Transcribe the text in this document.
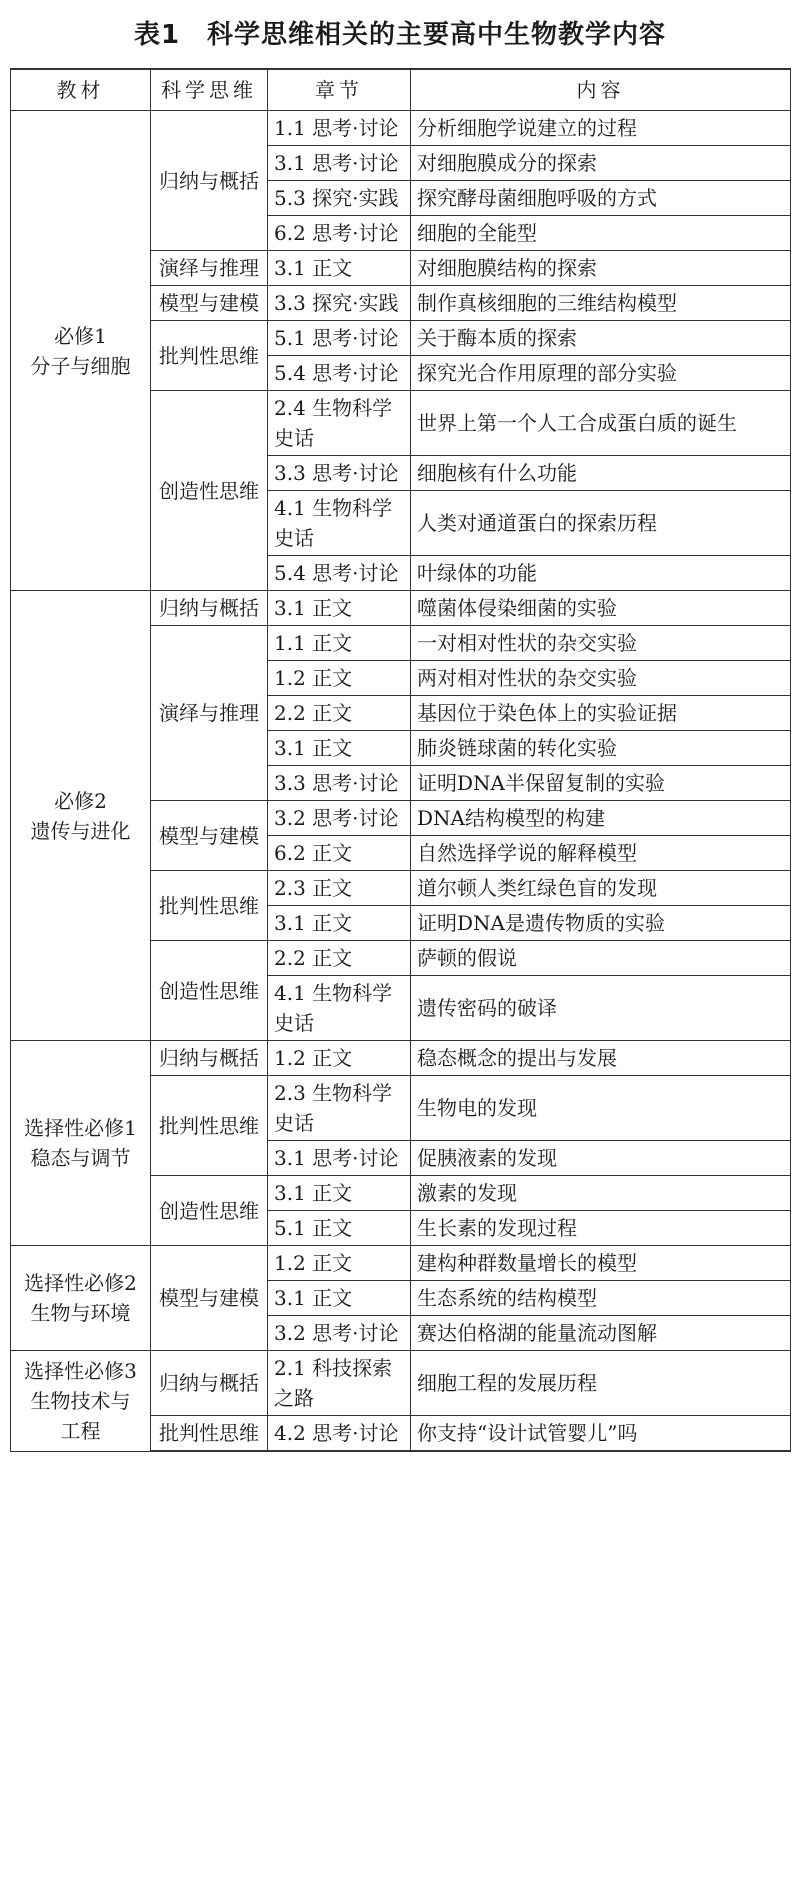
表1　科学思维相关的主要高中生物教学内容
教材	科学思维	章节	内容

必修1
分子与细胞	归纳与概括	1.1 思考·讨论	分析细胞学说建立的过程
		3.1 思考·讨论	对细胞膜成分的探索
		5.3 探究·实践	探究酵母菌细胞呼吸的方式
		6.2 思考·讨论	细胞的全能型
	演绎与推理	3.1 正文	对细胞膜结构的探索
	模型与建模	3.3 探究·实践	制作真核细胞的三维结构模型
	批判性思维	5.1 思考·讨论	关于酶本质的探索
		5.4 思考·讨论	探究光合作用原理的部分实验
	创造性思维	2.4 生物科学史话	世界上第一个人工合成蛋白质的诞生
		3.3 思考·讨论	细胞核有什么功能
		4.1 生物科学史话	人类对通道蛋白的探索历程
		5.4 思考·讨论	叶绿体的功能

必修2
遗传与进化	归纳与概括	3.1 正文	噬菌体侵染细菌的实验
	演绎与推理	1.1 正文	一对相对性状的杂交实验
		1.2 正文	两对相对性状的杂交实验
		2.2 正文	基因位于染色体上的实验证据
		3.1 正文	肺炎链球菌的转化实验
		3.3 思考·讨论	证明DNA半保留复制的实验
	模型与建模	3.2 思考·讨论	DNA结构模型的构建
		6.2 正文	自然选择学说的解释模型
	批判性思维	2.3 正文	道尔顿人类红绿色盲的发现
		3.1 正文	证明DNA是遗传物质的实验
	创造性思维	2.2 正文	萨顿的假说
		4.1 生物科学史话	遗传密码的破译

选择性必修1
稳态与调节	归纳与概括	1.2 正文	稳态概念的提出与发展
	批判性思维	2.3 生物科学史话	生物电的发现
		3.1 思考·讨论	促胰液素的发现
	创造性思维	3.1 正文	激素的发现
		5.1 正文	生长素的发现过程

选择性必修2
生物与环境	模型与建模	1.2 正文	建构种群数量增长的模型
		3.1 正文	生态系统的结构模型
		3.2 思考·讨论	赛达伯格湖的能量流动图解

选择性必修3
生物技术与
工程	归纳与概括	2.1 科技探索之路	细胞工程的发展历程
	批判性思维	4.2 思考·讨论	你支持“设计试管婴儿”吗
